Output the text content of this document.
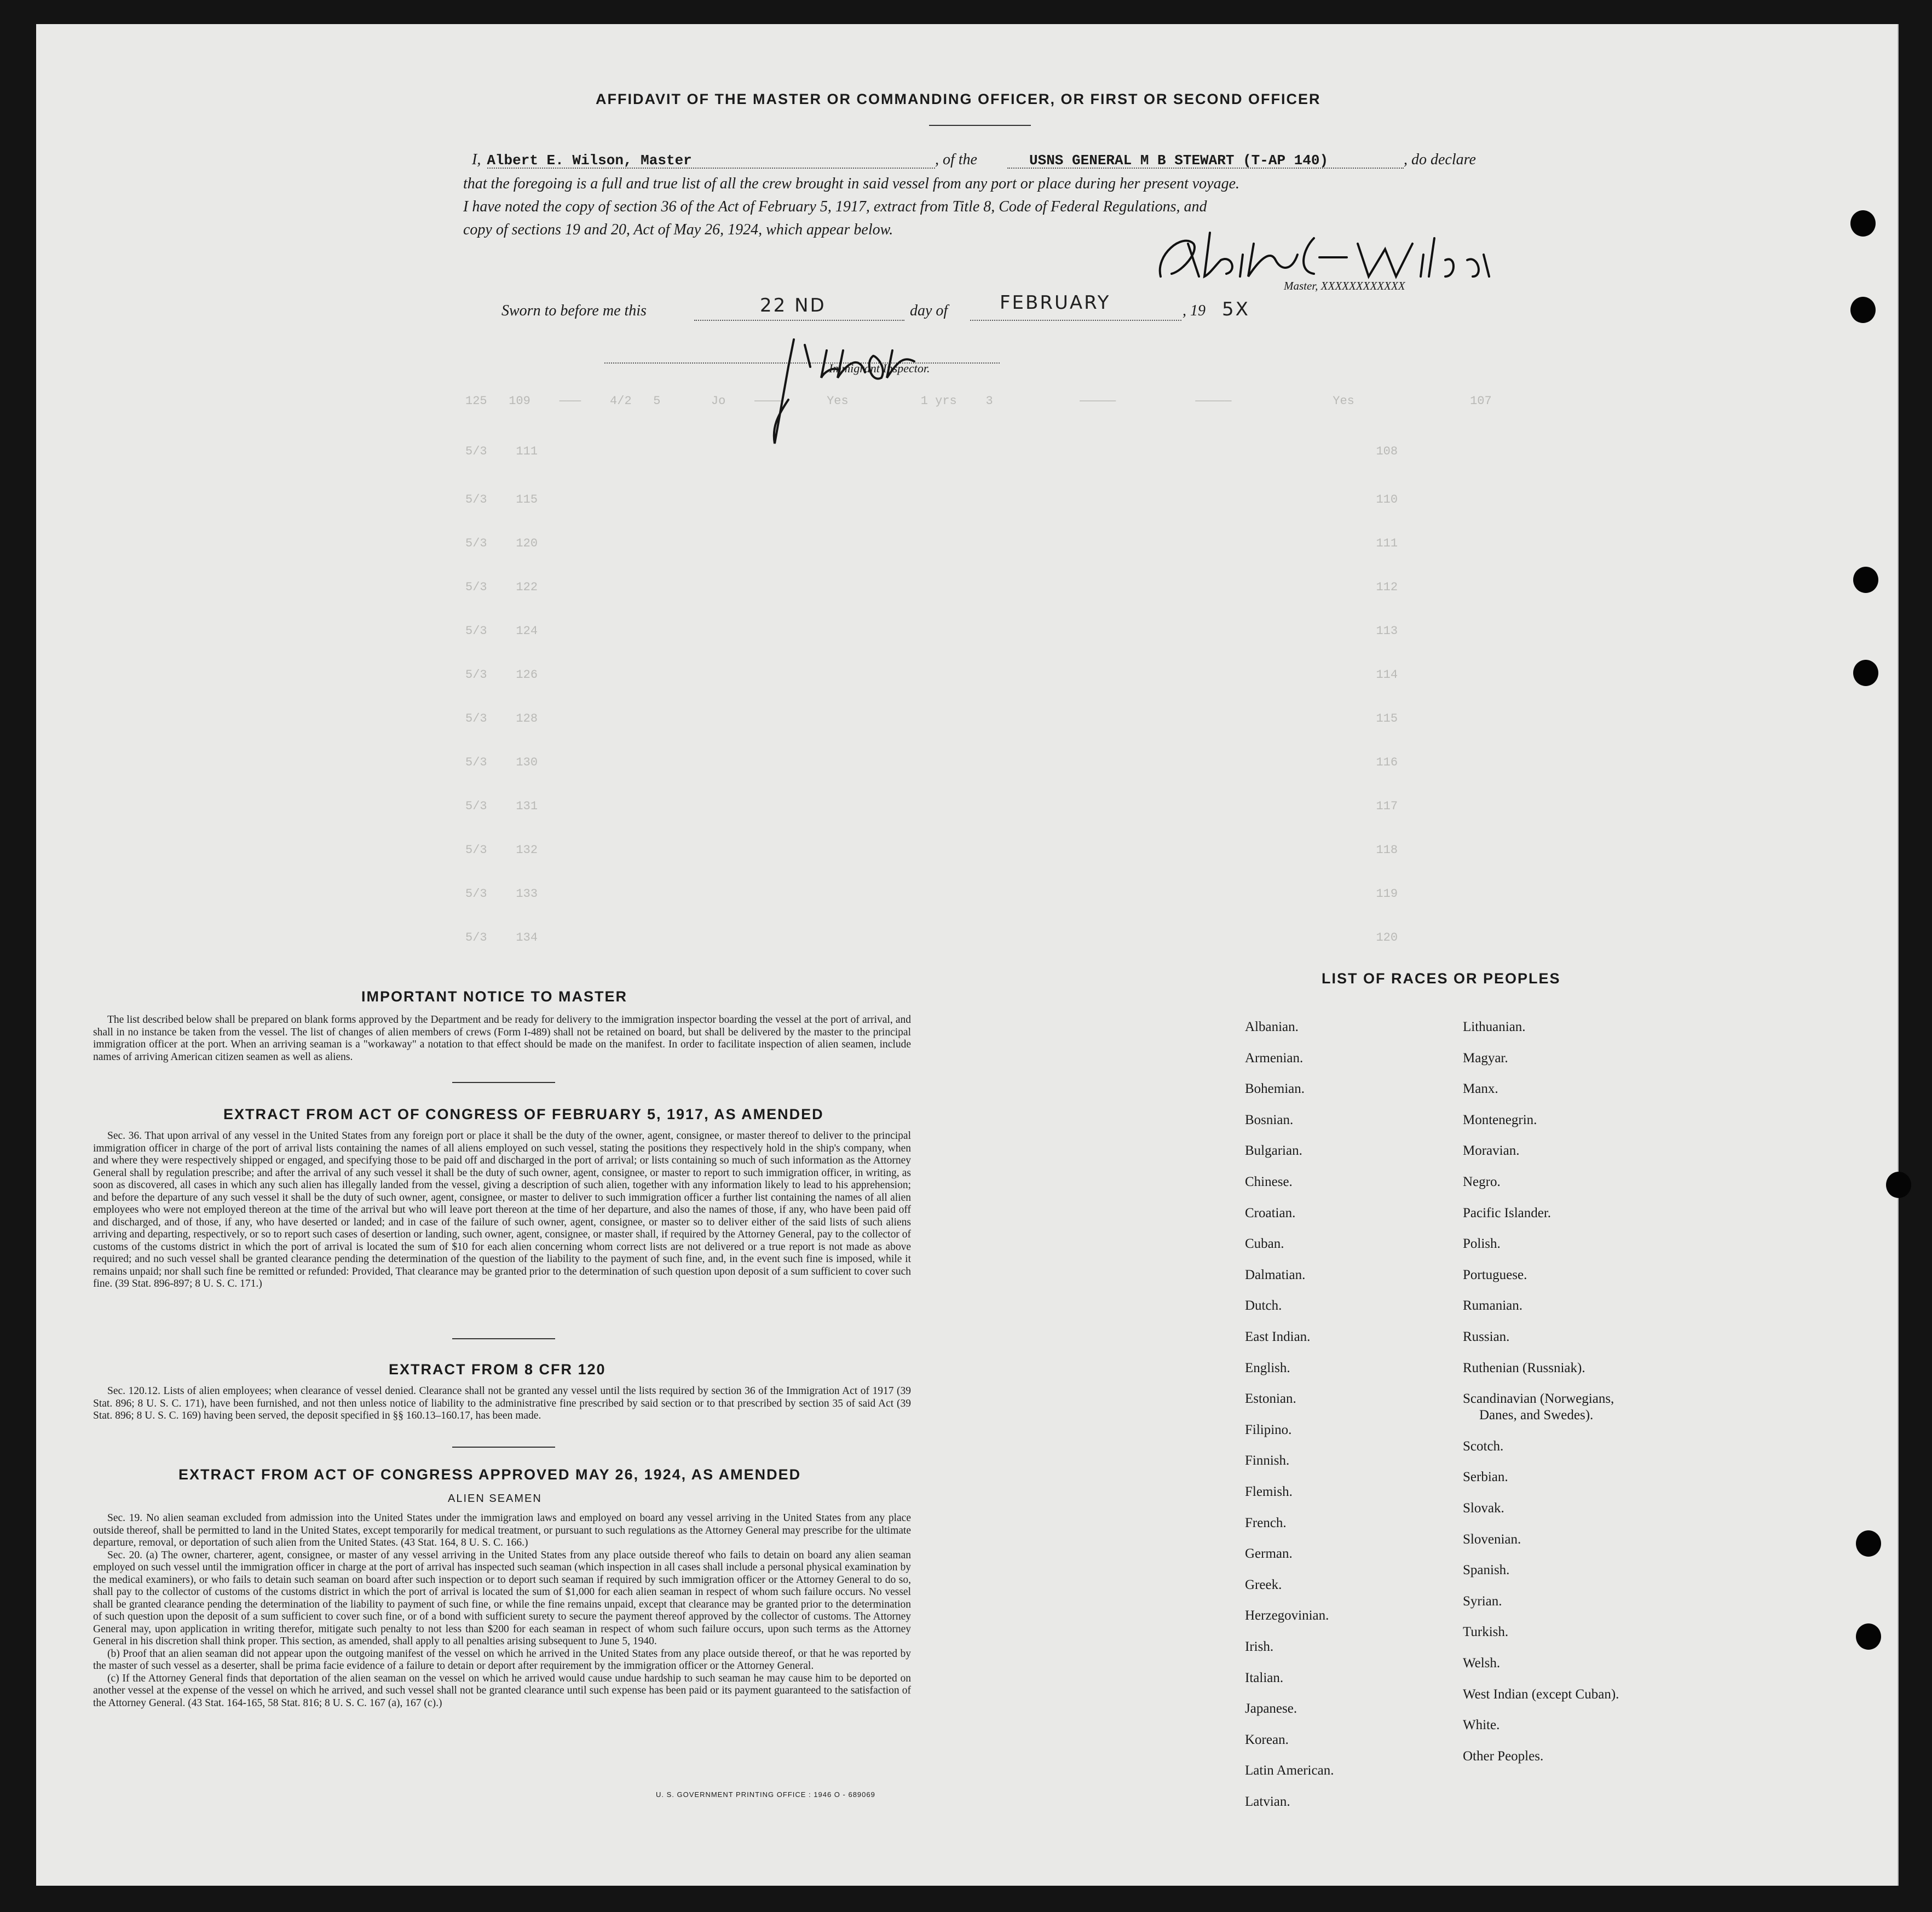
125   109    ———    4/2   5       Jo    ————      Yes          1 yrs    3            —————           —————              Yes                107
5/3    111                                                                                                                    108
5/3    115                                                                                                                    110
5/3    120                                                                                                                    111
5/3    122                                                                                                                    112
5/3    124                                                                                                                    113
5/3    126                                                                                                                    114
5/3    128                                                                                                                    115
5/3    130                                                                                                                    116
5/3    131                                                                                                                    117
5/3    132                                                                                                                    118
5/3    133                                                                                                                    119
5/3    134                                                                                                                    120
AFFIDAVIT OF THE MASTER OR COMMANDING OFFICER, OR FIRST OR SECOND OFFICER
I, Albert E. Wilson, Master	, of the	USNS GENERAL M B STEWART (T-AP 140)	, do declare
that the foregoing is a full and true list of all the crew brought in said vessel from any port or place during her present voyage.
I have noted the copy of section 36 of the Act of February 5, 1917, extract from Title 8, Code of Federal Regulations, and
copy of sections 19 and 20, Act of May 26, 1924, which appear below.
Master, XXXXXXXXXXXX
Sworn to before me this	22 ND	day of	FEBRUARY	, 19 5X
Immigrant Inspector.
IMPORTANT NOTICE TO MASTER

The list described below shall be prepared on blank forms approved by the Department and be ready for delivery to the immigration inspector boarding the vessel at the port of arrival, and shall in no instance be taken from the vessel. The list of changes of alien members of crews (Form I-489) shall not be retained on board, but shall be delivered by the master to the principal immigration officer at the port. When an arriving seaman is a "workaway" a notation to that effect should be made on the manifest. In order to facilitate inspection of alien seamen, include names of arriving American citizen seamen as well as aliens.

EXTRACT FROM ACT OF CONGRESS OF FEBRUARY 5, 1917, AS AMENDED

Sec. 36. That upon arrival of any vessel in the United States from any foreign port or place it shall be the duty of the owner, agent, consignee, or master thereof to deliver to the principal immigration officer in charge of the port of arrival lists containing the names of all aliens employed on such vessel, stating the positions they respectively hold in the ship's company, when and where they were respectively shipped or engaged, and specifying those to be paid off and discharged in the port of arrival; or lists containing so much of such information as the Attorney General shall by regulation prescribe; and after the arrival of any such vessel it shall be the duty of such owner, agent, consignee, or master to report to such immigration officer, in writing, as soon as discovered, all cases in which any such alien has illegally landed from the vessel, giving a description of such alien, together with any information likely to lead to his apprehension; and before the departure of any such vessel it shall be the duty of such owner, agent, consignee, or master to deliver to such immigration officer a further list containing the names of all alien employees who were not employed thereon at the time of the arrival but who will leave port thereon at the time of her departure, and also the names of those, if any, who have been paid off and discharged, and of those, if any, who have deserted or landed; and in case of the failure of such owner, agent, consignee, or master so to deliver either of the said lists of such aliens arriving and departing, respectively, or so to report such cases of desertion or landing, such owner, agent, consignee, or master shall, if required by the Attorney General, pay to the collector of customs of the customs district in which the port of arrival is located the sum of $10 for each alien concerning whom correct lists are not delivered or a true report is not made as above required; and no such vessel shall be granted clearance pending the determination of the question of the liability to the payment of such fine, and, in the event such fine is imposed, while it remains unpaid; nor shall such fine be remitted or refunded: Provided, That clearance may be granted prior to the determination of such question upon deposit of a sum sufficient to cover such fine. (39 Stat. 896-897; 8 U. S. C. 171.)

EXTRACT FROM 8 CFR 120

Sec. 120.12. Lists of alien employees; when clearance of vessel denied. Clearance shall not be granted any vessel until the lists required by section 36 of the Immigration Act of 1917 (39 Stat. 896; 8 U. S. C. 171), have been furnished, and not then unless notice of liability to the administrative fine prescribed by said section or to that prescribed by section 35 of said Act (39 Stat. 896; 8 U. S. C. 169) having been served, the deposit specified in §§ 160.13–160.17, has been made.

EXTRACT FROM ACT OF CONGRESS APPROVED MAY 26, 1924, AS AMENDED
ALIEN SEAMEN

Sec. 19. No alien seaman excluded from admission into the United States under the immigration laws and employed on board any vessel arriving in the United States from any place outside thereof, shall be permitted to land in the United States, except temporarily for medical treatment, or pursuant to such regulations as the Attorney General may prescribe for the ultimate departure, removal, or deportation of such alien from the United States. (43 Stat. 164, 8 U. S. C. 166.)

Sec. 20. (a) The owner, charterer, agent, consignee, or master of any vessel arriving in the United States from any place outside thereof who fails to detain on board any alien seaman employed on such vessel until the immigration officer in charge at the port of arrival has inspected such seaman (which inspection in all cases shall include a personal physical examination by the medical examiners), or who fails to detain such seaman on board after such inspection or to deport such seaman if required by such immigration officer or the Attorney General to do so, shall pay to the collector of customs of the customs district in which the port of arrival is located the sum of $1,000 for each alien seaman in respect of whom such failure occurs. No vessel shall be granted clearance pending the determination of the liability to payment of such fine, or while the fine remains unpaid, except that clearance may be granted prior to the determination of such question upon the deposit of a sum sufficient to cover such fine, or of a bond with sufficient surety to secure the payment thereof approved by the collector of customs. The Attorney General may, upon application in writing therefor, mitigate such penalty to not less than $200 for each seaman in respect of whom such failure occurs, upon such terms as the Attorney General in his discretion shall think proper. This section, as amended, shall apply to all penalties arising subsequent to June 5, 1940.

(b) Proof that an alien seaman did not appear upon the outgoing manifest of the vessel on which he arrived in the United States from any place outside thereof, or that he was reported by the master of such vessel as a deserter, shall be prima facie evidence of a failure to detain or deport after requirement by the immigration officer or the Attorney General.

(c) If the Attorney General finds that deportation of the alien seaman on the vessel on which he arrived would cause undue hardship to such seaman he may cause him to be deported on another vessel at the expense of the vessel on which he arrived, and such vessel shall not be granted clearance until such expense has been paid or its payment guaranteed to the satisfaction of the Attorney General. (43 Stat. 164-165, 58 Stat. 816; 8 U. S. C. 167 (a), 167 (c).)

U. S. GOVERNMENT PRINTING OFFICE : 1946 O - 689069
LIST OF RACES OR PEOPLES
Albanian.
Armenian.
Bohemian.
Bosnian.
Bulgarian.
Chinese.
Croatian.
Cuban.
Dalmatian.
Dutch.
East Indian.
English.
Estonian.
Filipino.
Finnish.
Flemish.
French.
German.
Greek.
Herzegovinian.
Irish.
Italian.
Japanese.
Korean.
Latin American.
Latvian.
Lithuanian.
Magyar.
Manx.
Montenegrin.
Moravian.
Negro.
Pacific Islander.
Polish.
Portuguese.
Rumanian.
Russian.
Ruthenian (Russniak).
Scandinavian (Norwegians,
Danes, and Swedes).
Scotch.
Serbian.
Slovak.
Slovenian.
Spanish.
Syrian.
Turkish.
Welsh.
West Indian (except Cuban).
White.
Other Peoples.
